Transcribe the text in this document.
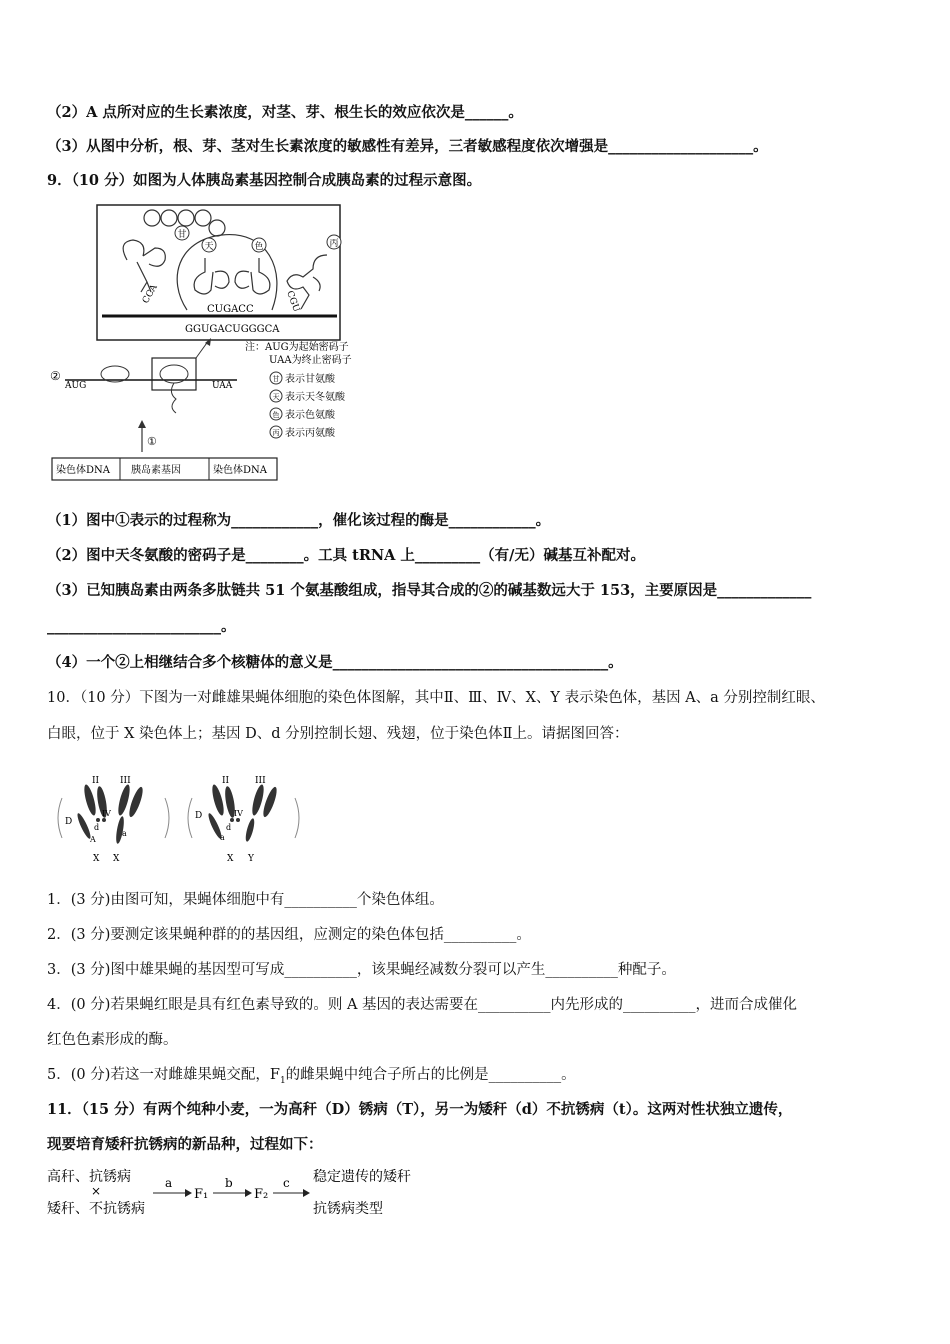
（2）A 点所对应的生长素浓度，对茎、芽、根生长的效应依次是______。
（3）从图中分析，根、芽、茎对生长素浓度的敏感性有差异，三者敏感程度依次增强是____________________。
9．（10 分）如图为人体胰岛素基因控制合成胰岛素的过程示意图。
甘
天	色	丙
CCA
CUGACC	CGU
GGUGACUGGGCA
②
AUG	UAA
①
注：AUG为起始密码子
UAA为终止密码子
甘 表示甘氨酸
天 表示天冬氨酸
色 表示色氨酸
丙 表示丙氨酸
染色体DNA 胰岛素基因	染色体DNA
（1）图中①表示的过程称为____________，催化该过程的酶是____________。
（2）图中天冬氨酸的密码子是________。工具 tRNA 上_________（有/无）碱基互补配对。
（3）已知胰岛素由两条多肽链共 51 个氨基酸组成，指导其合成的②的碱基数远大于 153，主要原因是_____________
________________________。
（4）一个②上相继结合多个核糖体的意义是______________________________________。
10．（10 分）下图为一对雌雄果蝇体细胞的染色体图解，其中Ⅱ、Ⅲ、Ⅳ、X、Y 表示染色体，基因 A、a 分别控制红眼、
白眼，位于 X 染色体上；基因 D、d 分别控制长翅、残翅，位于染色体Ⅱ上。请据图回答：
II III
IV
D
d
A
a
X X
II	III
IV
D
d
a
X Y
1．(3 分)由图可知，果蝇体细胞中有__________个染色体组。
2．(3 分)要测定该果蝇种群的的基因组，应测定的染色体包括__________。
3．(3 分)图中雄果蝇的基因型可写成__________，该果蝇经减数分裂可以产生__________种配子。
4．(0 分)若果蝇红眼是具有红色素导致的。则 A 基因的表达需要在__________内先形成的__________，进而合成催化
红色色素形成的酶。
5．(0 分)若这一对雌雄果蝇交配，$F_1$的雌果蝇中纯合子所占的比例是__________。
11．（15 分）有两个纯种小麦，一为高秆（D）锈病（T），另一为矮秆（d）不抗锈病（t）。这两对性状独立遗传，
现要培育矮秆抗锈病的新品种，过程如下：
高秆、抗锈病
×
矮秆、不抗锈病
a
F₁
b
F₂
c 稳定遗传的矮秆
抗锈病类型
